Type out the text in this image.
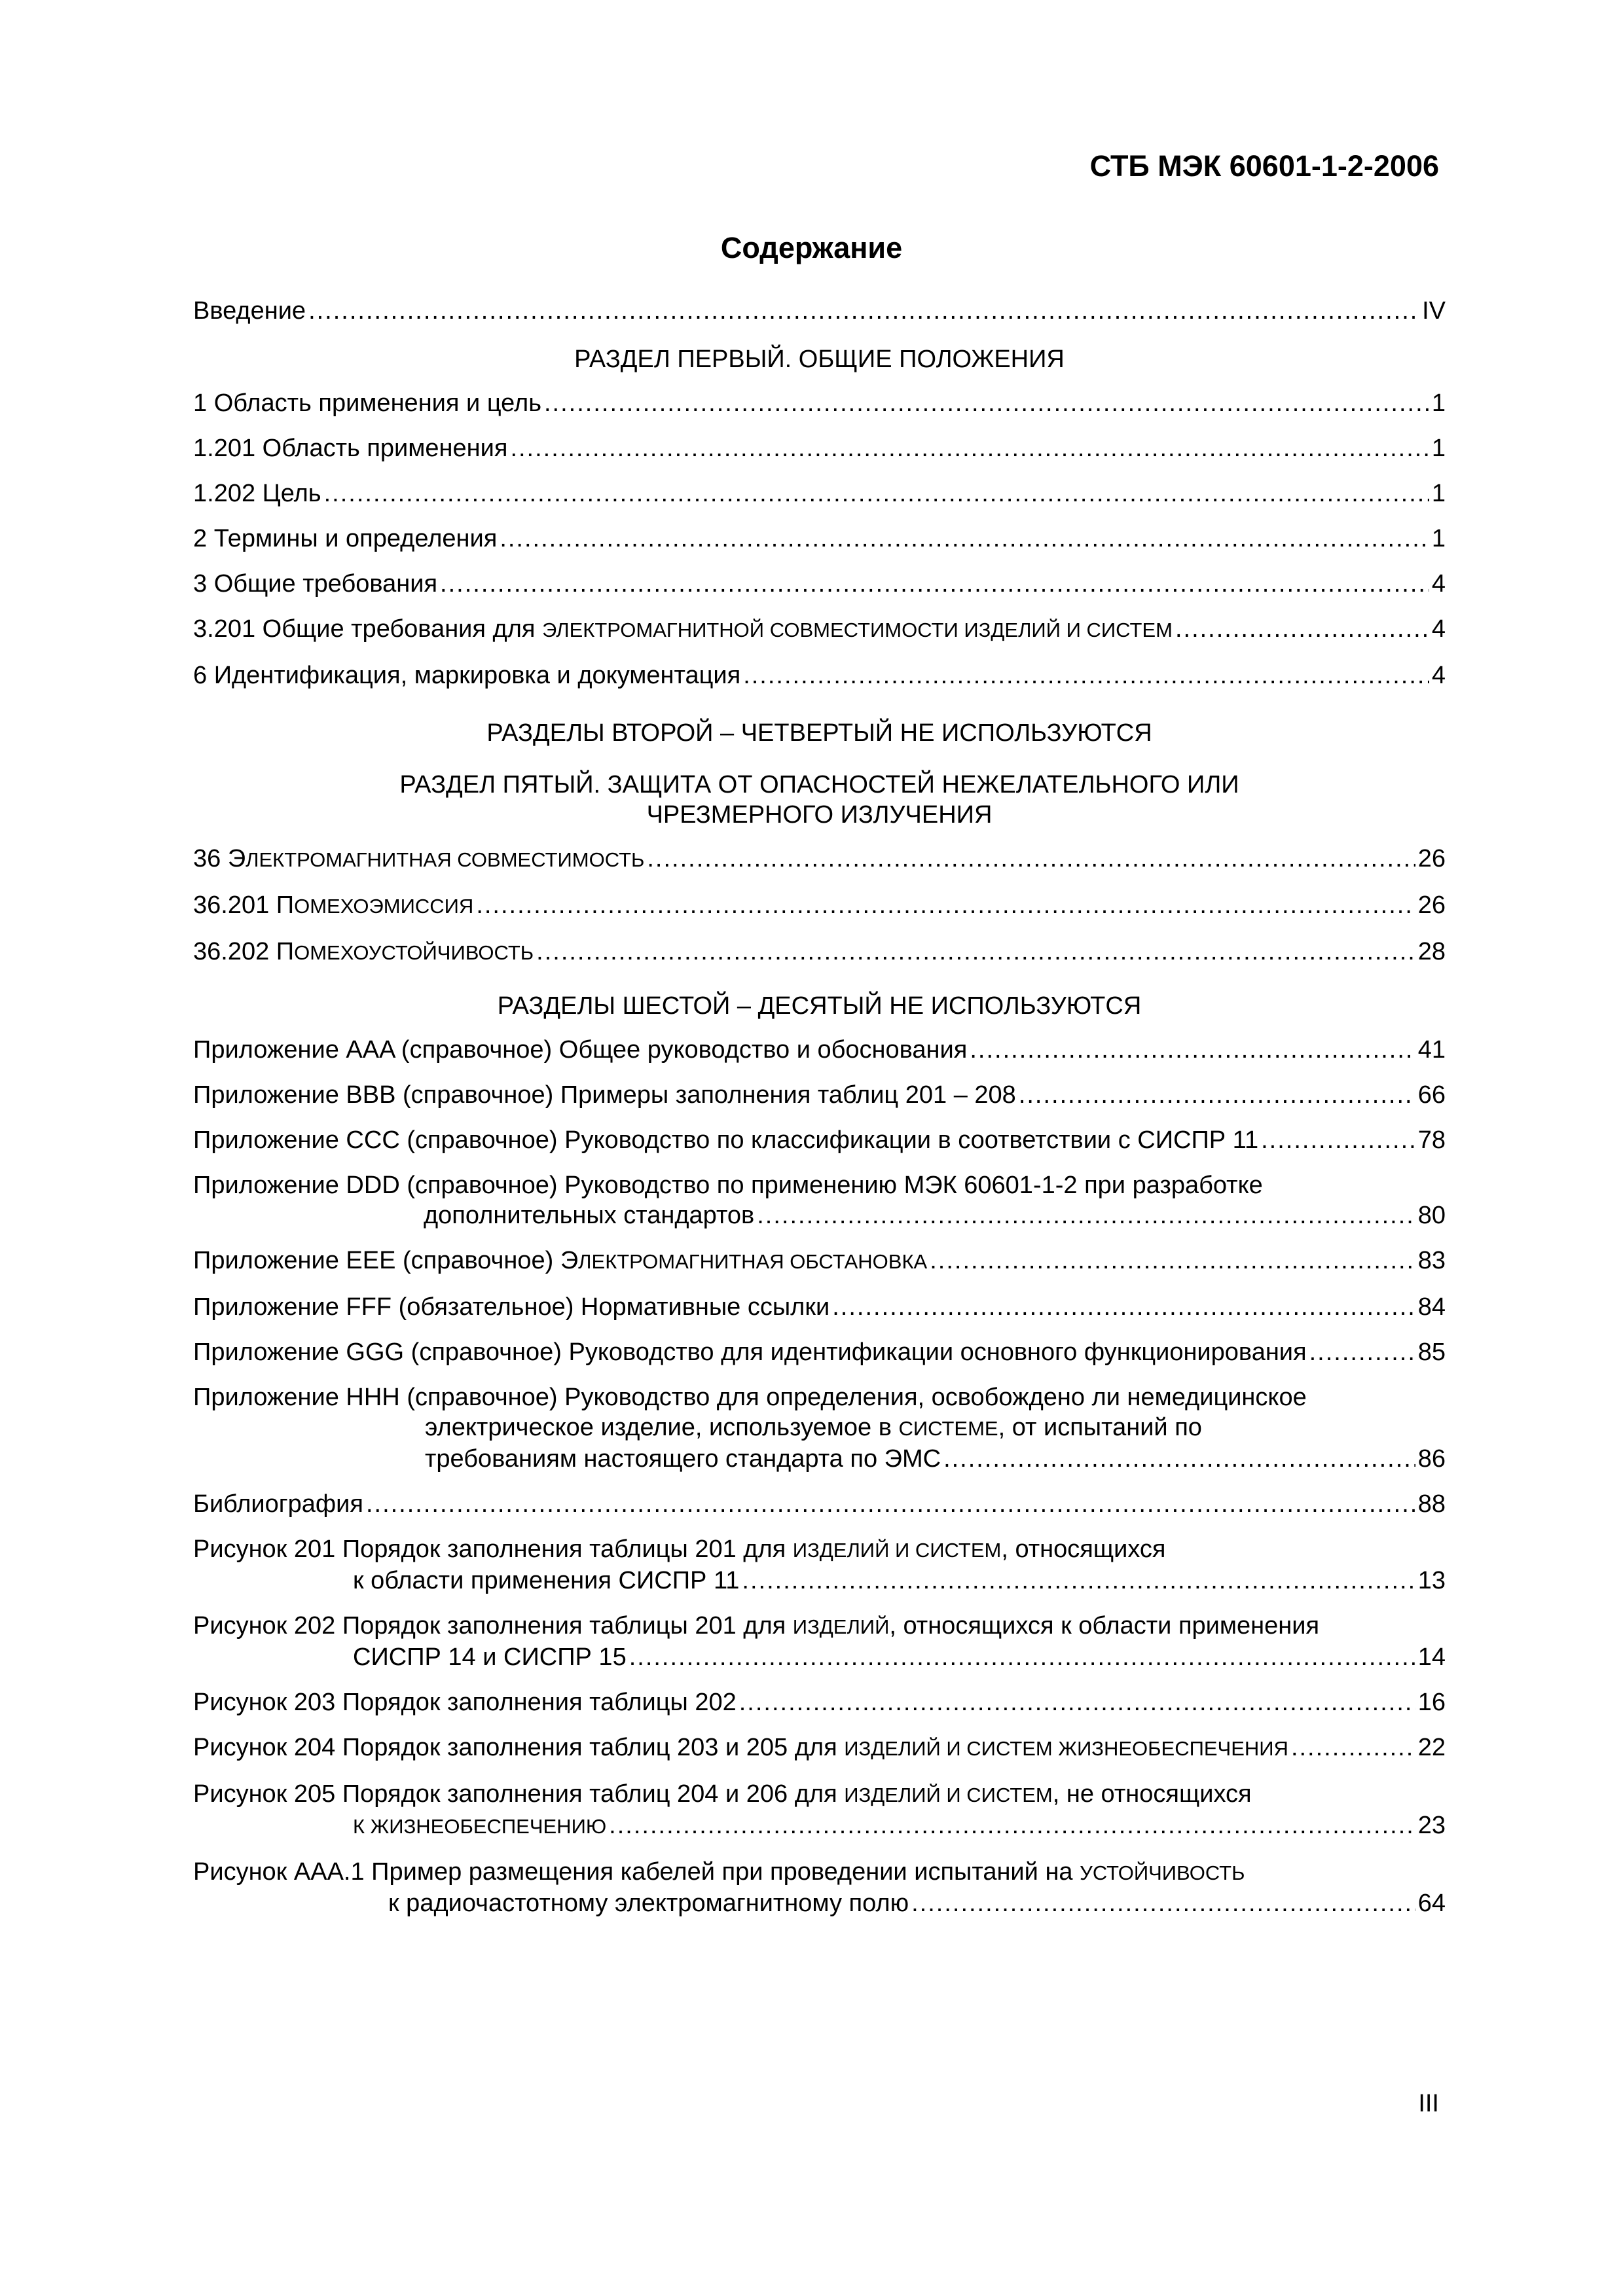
СТБ МЭК 60601-1-2-2006
Содержание
Введение .....	IV
РАЗДЕЛ ПЕРВЫЙ. ОБЩИЕ ПОЛОЖЕНИЯ
1 Область применения и цель .....	1
1.201 Область применения .....	1
1.202 Цель .....	1
2 Термины и определения .....	1
3 Общие требования .....	4
3.201 Общие требования для ЭЛЕКТРОМАГНИТНОЙ СОВМЕСТИМОСТИ ИЗДЕЛИЙ И СИСТЕМ .....	4
6 Идентификация, маркировка и документация .....	4
РАЗДЕЛЫ ВТОРОЙ – ЧЕТВЕРТЫЙ НЕ ИСПОЛЬЗУЮТСЯ
РАЗДЕЛ ПЯТЫЙ. ЗАЩИТА ОТ ОПАСНОСТЕЙ НЕЖЕЛАТЕЛЬНОГО ИЛИ
ЧРЕЗМЕРНОГО ИЗЛУЧЕНИЯ
36 ЭЛЕКТРОМАГНИТНАЯ СОВМЕСТИМОСТЬ .....	26
36.201 ПОМЕХОЭМИССИЯ .....	26
36.202 ПОМЕХОУСТОЙЧИВОСТЬ .....	28
РАЗДЕЛЫ ШЕСТОЙ – ДЕСЯТЫЙ НЕ ИСПОЛЬЗУЮТСЯ
Приложение AAA (справочное) Общее руководство и обоснования .....	41
Приложение BBB (справочное) Примеры заполнения таблиц 201 – 208 .....	66
Приложение CCC (справочное) Руководство по классификации в соответствии с СИСПР 11 .....	78
Приложение DDD (справочное) Руководство по применению МЭК 60601-1-2 при разработке
дополнительных стандартов .....	80
Приложение EEE (справочное) ЭЛЕКТРОМАГНИТНАЯ ОБСТАНОВКА .....	83
Приложение FFF (обязательное) Нормативные ссылки .....	84
Приложение GGG (справочное) Руководство для идентификации основного функционирования .....	85
Приложение HHH (справочное) Руководство для определения, освобождено ли немедицинское
электрическое изделие, используемое в СИСТЕМЕ, от испытаний по
требованиям настоящего стандарта по ЭМС .....	86
Библиография .....	88
Рисунок 201 Порядок заполнения таблицы 201 для ИЗДЕЛИЙ И СИСТЕМ, относящихся
к области применения СИСПР 11 .....	13
Рисунок 202 Порядок заполнения таблицы 201 для ИЗДЕЛИЙ, относящихся к области применения
СИСПР 14 и СИСПР 15 .....	14
Рисунок 203 Порядок заполнения таблицы 202 .....	16
Рисунок 204 Порядок заполнения таблиц 203 и 205 для ИЗДЕЛИЙ И СИСТЕМ ЖИЗНЕОБЕСПЕЧЕНИЯ .....	22
Рисунок 205 Порядок заполнения таблиц 204 и 206 для ИЗДЕЛИЙ И СИСТЕМ, не относящихся
К ЖИЗНЕОБЕСПЕЧЕНИЮ .....	23
Рисунок AAA.1 Пример размещения кабелей при проведении испытаний на УСТОЙЧИВОСТЬ
к радиочастотному электромагнитному полю .....	64
III
